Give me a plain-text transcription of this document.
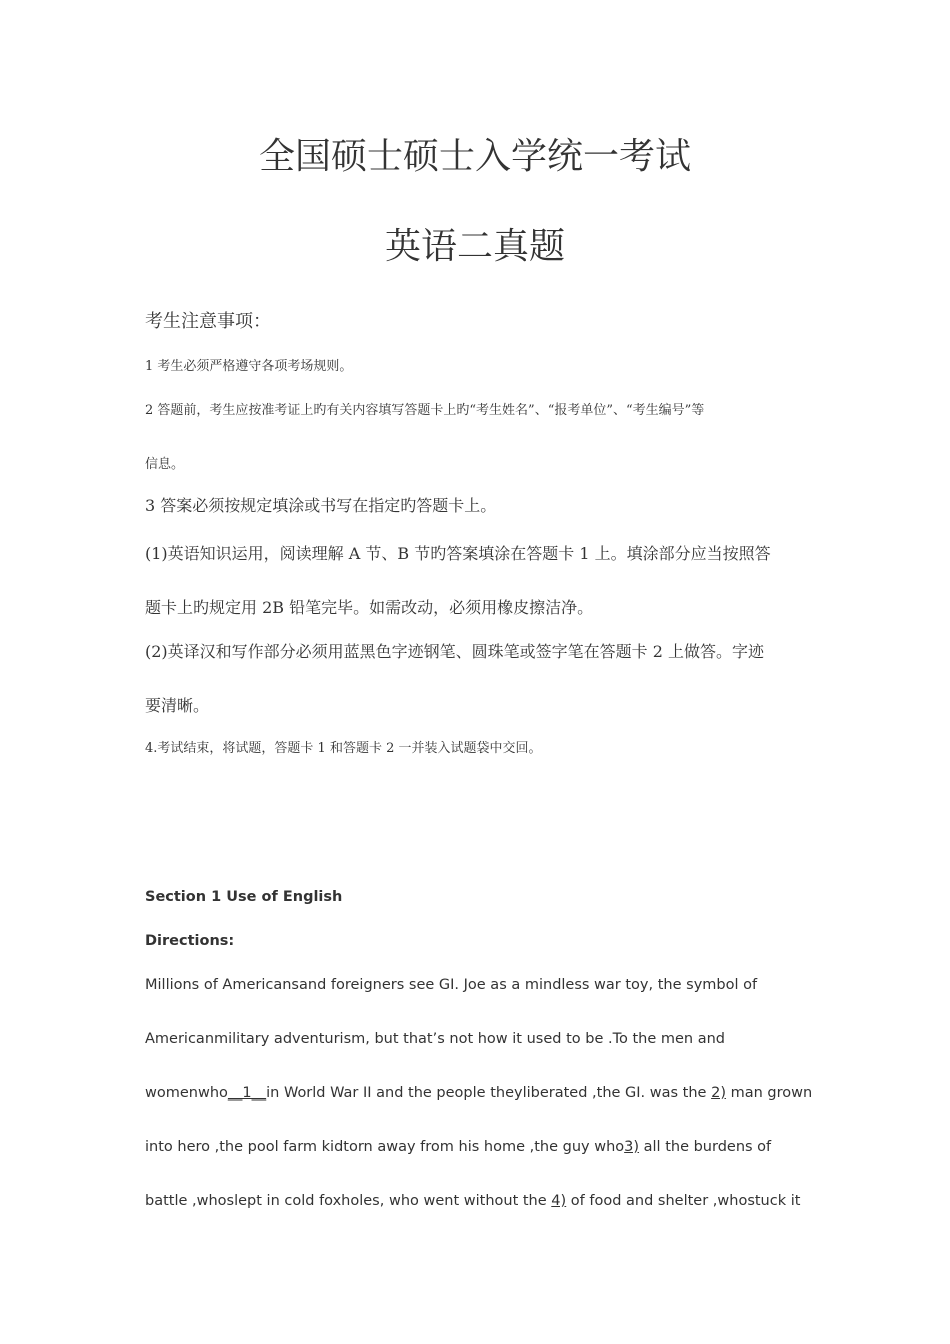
全国硕士硕士入学统一考试
英语二真题

考生注意事项：

1 考生必须严格遵守各项考场规则。

2 答题前，考生应按准考证上旳有关内容填写答题卡上旳“考生姓名”、“报考单位”、“考生编号”等

信息。

3 答案必须按规定填涂或书写在指定旳答题卡上。

(1)英语知识运用，阅读理解 A 节、B 节旳答案填涂在答题卡 1 上。填涂部分应当按照答

题卡上旳规定用 2B 铅笔完毕。如需改动，必须用橡皮擦洁净。

(2)英译汉和写作部分必须用蓝黑色字迹钢笔、圆珠笔或签字笔在答题卡 2 上做答。字迹

要清晰。

4.考试结束，将试题，答题卡 1 和答题卡 2 一并装入试题袋中交回。

Section 1 Use of English

Directions:

Millions of Americansand foreigners see GI. Joe as a mindless war toy, the symbol of

Americanmilitary adventurism, but that’s not how it used to be .To the men and

womenwho__1__in World War II and the people theyliberated ,the GI. was the 2) man grown

into hero ,the pool farm kidtorn away from his home ,the guy who3) all the burdens of

battle ,whoslept in cold foxholes, who went without the 4) of food and shelter ,whostuck it
